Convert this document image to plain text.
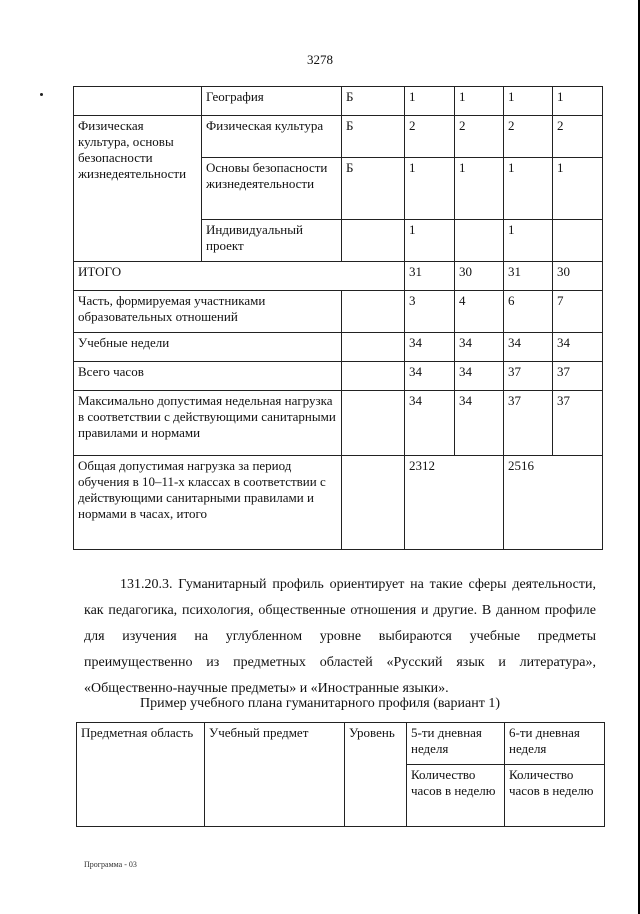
3278
	География	Б	1	1	1	1
Физическая культура, основы безопасности жизнедеятельности	Физическая культура	Б	2	2	2	2
	Основы безопасности жизнедеятельности	Б	1	1	1	1
	Индивидуальный проект		1		1	
ИТОГО			31	30	31	30
Часть, формируемая участниками образовательных отношений			3	4	6	7
Учебные недели			34	34	34	34
Всего часов			34	34	37	37
Максимально допустимая недельная нагрузка в соответствии с действующими санитарными правилами и нормами			34	34	37	37
Общая допустимая нагрузка за период обучения в 10–11-х классах в соответствии с действующими санитарными правилами и нормами в часах, итого			2312		2516	
131.20.3. Гуманитарный профиль ориентирует на такие сферы деятельности, как педагогика, психология, общественные отношения и другие. В данном профиле для изучения на углубленном уровне выбираются учебные предметы преимущественно из предметных областей «Русский язык и литература», «Общественно-научные предметы» и «Иностранные языки».
Пример учебного плана гуманитарного профиля (вариант 1)
Предметная область	Учебный предмет	Уровень	5-ти дневная неделя	6-ти дневная неделя
			Количество часов в неделю	Количество часов в неделю
Программа - 03
